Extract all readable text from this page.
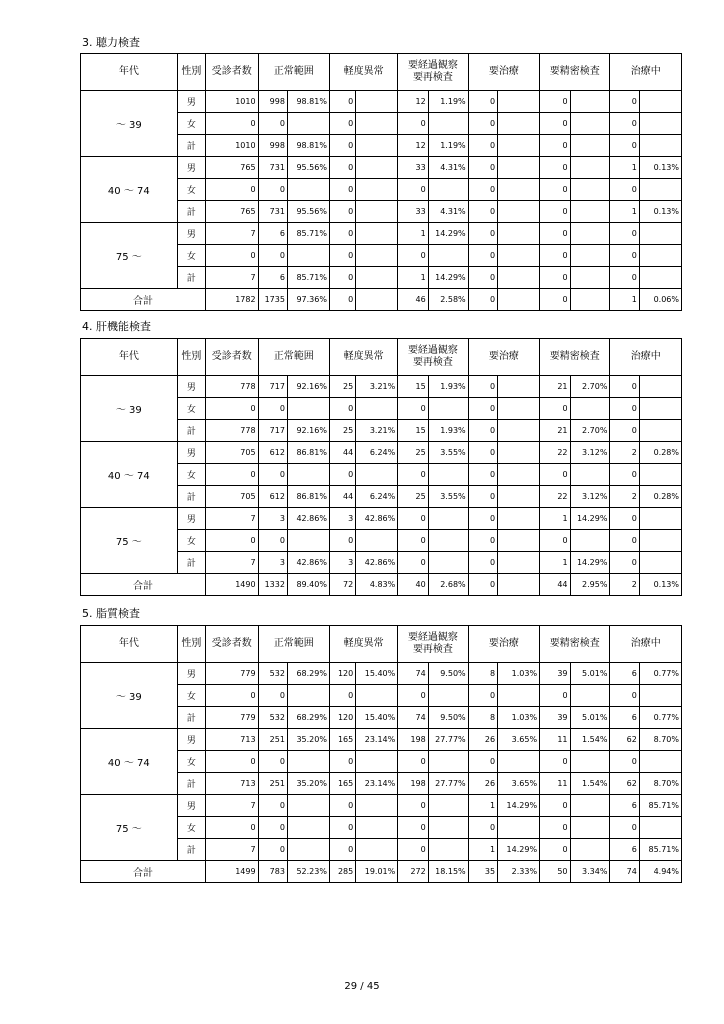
3. 聴力検査
年代	性別	受診者数	正常範囲		軽度異常		要経過観察
要再検査		要治療		要精密検査		治療中	
～ 39	男	1010	998	98.81%	0		12	1.19%	0		0		0	
	女	0	0		0		0		0		0		0	
	計	1010	998	98.81%	0		12	1.19%	0		0		0	
40 ～ 74	男	765	731	95.56%	0		33	4.31%	0		0		1	0.13%
	女	0	0		0		0		0		0		0	
	計	765	731	95.56%	0		33	4.31%	0		0		1	0.13%
75 ～	男	7	6	85.71%	0		1	14.29%	0		0		0	
	女	0	0		0		0		0		0		0	
	計	7	6	85.71%	0		1	14.29%	0		0		0	
合計		1782	1735	97.36%	0		46	2.58%	0		0		1	0.06%
4. 肝機能検査
年代	性別	受診者数	正常範囲		軽度異常		要経過観察
要再検査		要治療		要精密検査		治療中	
～ 39	男	778	717	92.16%	25	3.21%	15	1.93%	0		21	2.70%	0	
	女	0	0		0		0		0		0		0	
	計	778	717	92.16%	25	3.21%	15	1.93%	0		21	2.70%	0	
40 ～ 74	男	705	612	86.81%	44	6.24%	25	3.55%	0		22	3.12%	2	0.28%
	女	0	0		0		0		0		0		0	
	計	705	612	86.81%	44	6.24%	25	3.55%	0		22	3.12%	2	0.28%
75 ～	男	7	3	42.86%	3	42.86%	0		0		1	14.29%	0	
	女	0	0		0		0		0		0		0	
	計	7	3	42.86%	3	42.86%	0		0		1	14.29%	0	
合計		1490	1332	89.40%	72	4.83%	40	2.68%	0		44	2.95%	2	0.13%
5. 脂質検査
年代	性別	受診者数	正常範囲		軽度異常		要経過観察
要再検査		要治療		要精密検査		治療中	
～ 39	男	779	532	68.29%	120	15.40%	74	9.50%	8	1.03%	39	5.01%	6	0.77%
	女	0	0		0		0		0		0		0	
	計	779	532	68.29%	120	15.40%	74	9.50%	8	1.03%	39	5.01%	6	0.77%
40 ～ 74	男	713	251	35.20%	165	23.14%	198	27.77%	26	3.65%	11	1.54%	62	8.70%
	女	0	0		0		0		0		0		0	
	計	713	251	35.20%	165	23.14%	198	27.77%	26	3.65%	11	1.54%	62	8.70%
75 ～	男	7	0		0		0		1	14.29%	0		6	85.71%
	女	0	0		0		0		0		0		0	
	計	7	0		0		0		1	14.29%	0		6	85.71%
合計		1499	783	52.23%	285	19.01%	272	18.15%	35	2.33%	50	3.34%	74	4.94%
29 / 45
